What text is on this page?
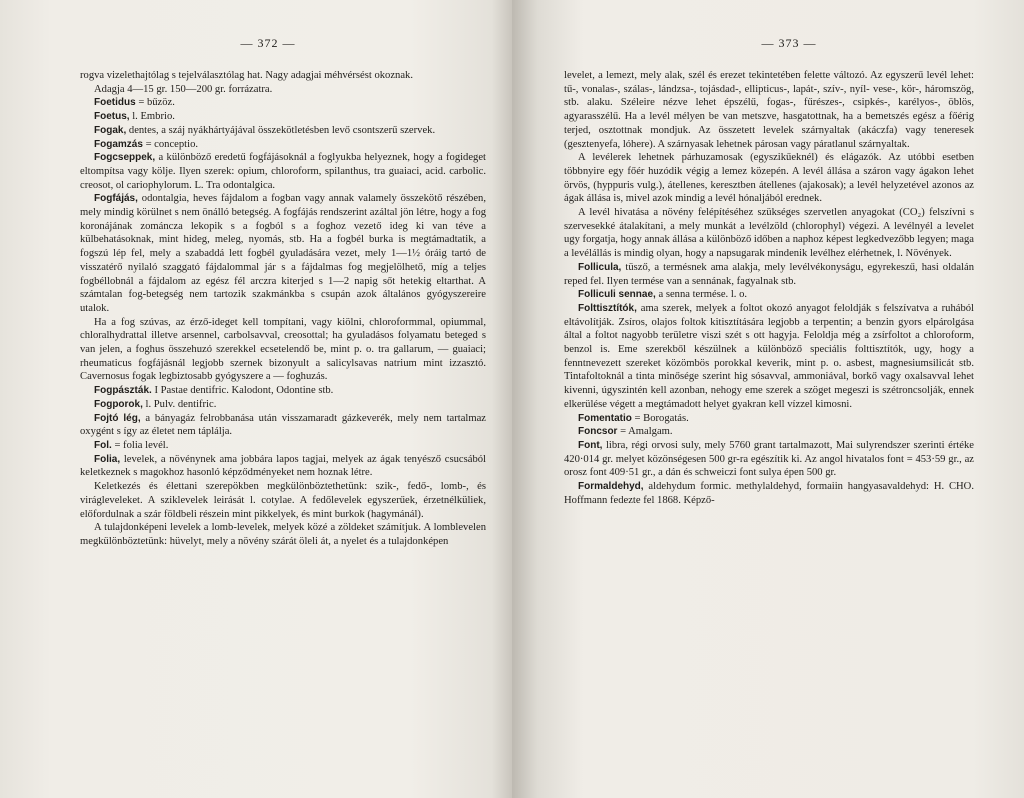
— 372 —

rogva vizelethajtólag s tejelválasztólag hat. Nagy adagjai méhvérsést okoznak.

Adagja 4—15 gr. 150—200 gr. forrázatra.

Foetidus = bűzöz.

Foetus, l. Embrio.

Fogak, dentes, a száj nyákhártyájával összekötletésben levő csontszerű szervek.

Fogamzás = conceptio.

Fogcseppek, a különböző eredetű fogfájásoknál a foglyukba helyeznek, hogy a fogideget eltompítsa vagy kölje. Ilyen szerek: opium, chloroform, spilanthus, tra guaiaci, acid. carbolic. creosot, ol cariophylorum. L. Tra odontalgica.

Fogfájás, odontalgia, heves fájdalom a fogban vagy annak valamely összekötő részében, mely mindig körülnet s nem önálló betegség. A fogfájás rendszerint azáltal jön létre, hogy a fog koronájának zománcza lekopik s a fogból s a foghoz vezető ideg ki van téve a külbehatásoknak, mint hideg, meleg, nyomás, stb. Ha a fogbél burka is megtámadtatik, a fogszú lép fel, mely a szabaddá lett fogbél gyuladására vezet, mely 1—1½ óráig tartó de visszatérő nyilaló szaggató fájdalommal jár s a fájdalmas fog megjelölhető, míg a teljes fogbéllobnál a fájdalom az egész fél arczra kiterjed s 1—2 napig sőt hetekig eltarthat. A számtalan fog-betegség nem tartozik szakmánkba s csupán azok általános gyógyszereire utalok.

Ha a fog szúvas, az érző-ideget kell tompítani, vagy kiölni, chloroformmal, opiummal, chloralhydrattal illetve arsennel, carbolsavval, creosottal; ha gyuladásos folyamatu beteged s van jelen, a foghus összehuzó szerekkel ecsetelendő be, mint p. o. tra gallarum, — guaiaci; rheumaticus fogfájásnál legjobb szernek bizonyult a salicylsavas natrium mint izzasztó. Cavernosus fogak legbiztosabb gyógyszere a — foghuzás.

Fogpászták. I Pastae dentifric. Kalodont, Odontine stb.

Fogporok, l. Pulv. dentifric.

Fojtó lég, a bányagáz felrobbanása után visszamaradt gázkeverék, mely nem tartalmaz oxygént s így az életet nem táplálja.

Fol. = folia levél.

Folia, levelek, a növénynek ama jobbára lapos tagjai, melyek az ágak tenyésző csucsából keletkeznek s magokhoz hasonló képződményeket nem hoznak létre.

Keletkezés és élettani szerepökben megkülönböztethetünk: szik-, fedő-, lomb-, és virágleveleket. A sziklevelek leirását l. cotylae. A fedőlevelek egyszerűek, érzetnélküliek, előfordulnak a szár földbeli részein mint pikkelyek, és mint burkok (hagymánál).

A tulajdonképeni levelek a lomb-levelek, melyek közé a zöldeket számítjuk. A lomblevelen megkülönböztetünk: hüvelyt, mely a növény szárát öleli át, a nyelet és a tulajdonképen

— 373 —

levelet, a lemezt, mely alak, szél és erezet tekintetében felette változó. Az egyszerű levél lehet: tű-, vonalas-, szálas-, lándzsa-, tojásdad-, ellipticus-, lapát-, szív-, nyíl- vese-, kör-, háromszög, stb. alaku. Széleire nézve lehet épszélű, fogas-, fűrészes-, csipkés-, karélyos-, öblös, agyarasszélű. Ha a levél mélyen be van metszve, hasgatottnak, ha a bemetszés egész a főérig terjed, osztottnak mondjuk. Az összetett levelek szárnyaltak (akáczfa) vagy teneresek (gesztenyefa, lóhere). A szárnyasak lehetnek párosan vagy páratlanul szárnyaltak.

A levélerek lehetnek párhuzamosak (egyszikűeknél) és elágazók. Az utóbbi esetben többnyire egy főér huzódik végig a lemez közepén. A levél állása a száron vagy ágakon lehet örvös, (hyppuris vulg.), átellenes, keresztben átellenes (ajakosak); a levél helyzetével azonos az ágak állása is, mivel azok mindig a levél hónaljából erednek.

A levél hivatása a növény felépítéséhez szükséges szervetlen anyagokat (CO₂) felszívni s szervesekké átalakítani, a mely munkát a levélzöld (chlorophyl) végezi. A levélnyél a levelet ugy forgatja, hogy annak állása a különböző időben a naphoz képest legkedvezőbb legyen; maga a levélállás is mindig olyan, hogy a napsugarak mindenik levélhez elérhetnek, l. Növények.

Follicula, tüsző, a termésnek ama alakja, mely levélvékonyságu, egyrekeszű, hasi oldalán reped fel. Ilyen termése van a sennának, fagyalnak stb.

Folliculi sennae, a senna termése. l. o.

Folttisztítók, ama szerek, melyek a foltot okozó anyagot feloldják s felszívatva a ruhából eltávolítják. Zsíros, olajos foltok kitisztítására legjobb a terpentin; a benzin gyors elpárolgása által a foltot nagyobb területre viszi szét s ott hagyja. Feloldja még a zsírfoltot a chloroform, benzol is. Eme szerekből készülnek a különböző speciális folttisztítók, ugy, hogy a fenntnevezett szereket közömbös porokkal keverik, mint p. o. asbest, magnesiumsilicát stb. Tintafoltoknál a tinta minősége szerint hig sósavval, ammoniával, borkő vagy oxalsavval lehet kivenni, úgyszintén kell azonban, nehogy eme szerek a szöget megeszi is szétroncsolják, ennek elkerülése végett a megtámadott helyet gyakran kell vízzel kimosni.

Fomentatio = Borogatás.

Foncsor = Amalgam.

Font, libra, régi orvosi suly, mely 5760 grant tartalmazott, Mai sulyrendszer szerinti értéke 420·014 gr. melyet közönségesen 500 gr-ra egészítik ki. Az angol hivatalos font = 453·59 gr., az orosz font 409·51 gr., a dán és schweiczi font sulya épen 500 gr.

Formaldehyd, aldehydum formic. methylaldehyd, formaiin hangyasavaldehyd: H. CHO. Hoffmann fedezte fel 1868. Képző-
